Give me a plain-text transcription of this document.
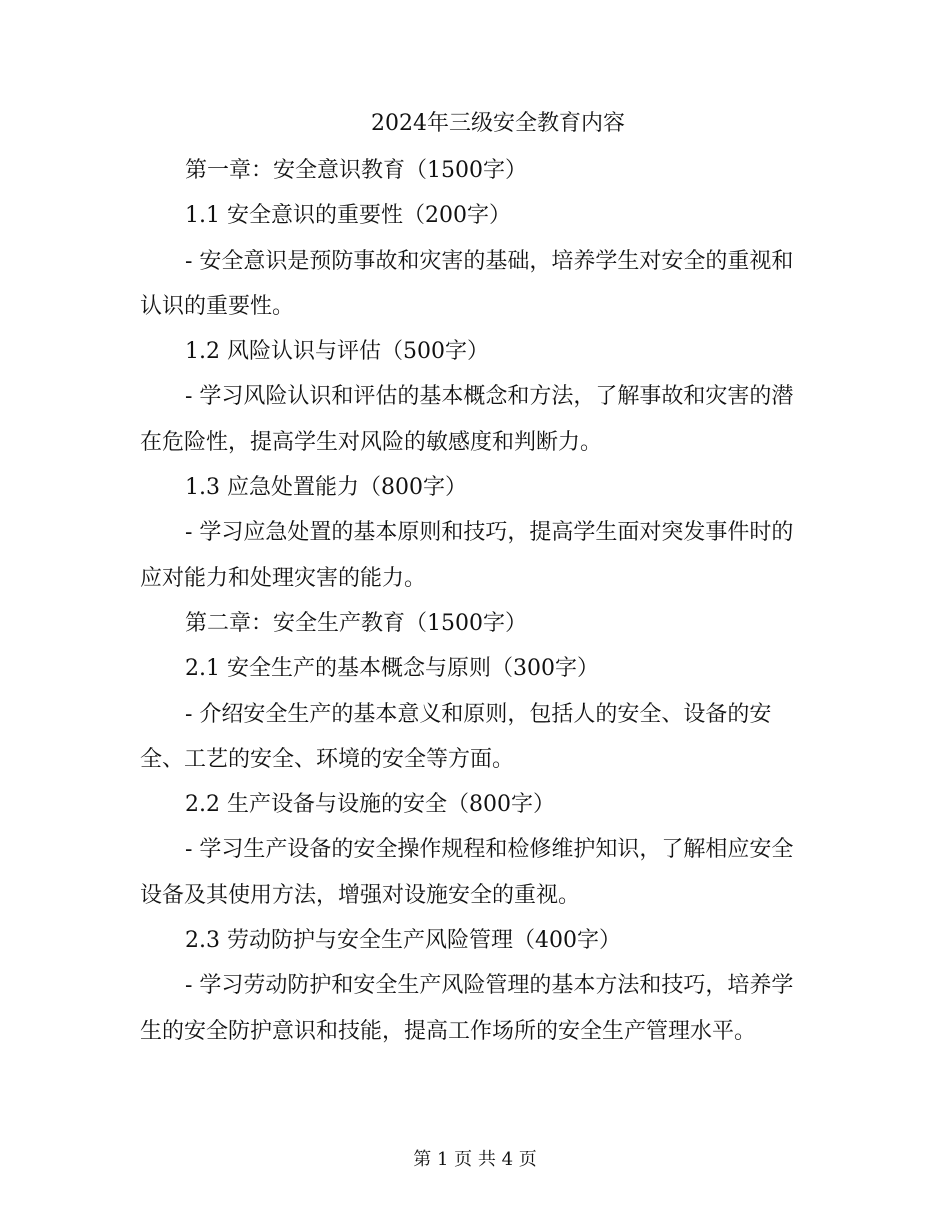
2024年三级安全教育内容

第一章：安全意识教育（1500字）

1.1 安全意识的重要性（200字）

- 安全意识是预防事故和灾害的基础，培养学生对安全的重视和认识的重要性。

1.2 风险认识与评估（500字）

- 学习风险认识和评估的基本概念和方法，了解事故和灾害的潜在危险性，提高学生对风险的敏感度和判断力。

1.3 应急处置能力（800字）

- 学习应急处置的基本原则和技巧，提高学生面对突发事件时的应对能力和处理灾害的能力。

第二章：安全生产教育（1500字）

2.1 安全生产的基本概念与原则（300字）

- 介绍安全生产的基本意义和原则，包括人的安全、设备的安全、工艺的安全、环境的安全等方面。

2.2 生产设备与设施的安全（800字）

- 学习生产设备的安全操作规程和检修维护知识，了解相应安全设备及其使用方法，增强对设施安全的重视。

2.3 劳动防护与安全生产风险管理（400字）

- 学习劳动防护和安全生产风险管理的基本方法和技巧，培养学生的安全防护意识和技能，提高工作场所的安全生产管理水平。

第 1 页 共 4 页
